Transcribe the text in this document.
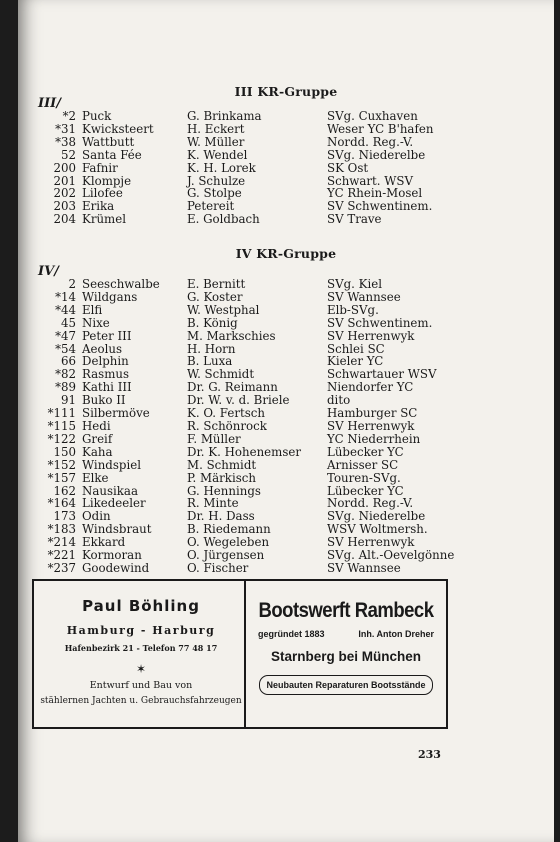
III KR-Gruppe
III/
*2	Puck	G. Brinkama	SVg. Cuxhaven
*31	Kwicksteert	H. Eckert	Weser YC B'hafen
*38	Wattbutt	W. Müller	Nordd. Reg.-V.
52	Santa Fée	K. Wendel	SVg. Niederelbe
200	Fafnir	K. H. Lorek	SK Ost
201	Klompje	J. Schulze	Schwart. WSV
202	Lilofee	G. Stolpe	YC Rhein-Mosel
203	Erika	Petereit	SV Schwentinem.
204	Krümel	E. Goldbach	SV Trave
IV KR-Gruppe
IV/
2	Seeschwalbe	E. Bernitt	SVg. Kiel
*14	Wildgans	G. Koster	SV Wannsee
*44	Elfi	W. Westphal	Elb-SVg.
45	Nixe	B. König	SV Schwentinem.
*47	Peter III	M. Markschies	SV Herrenwyk
*54	Aeolus	H. Horn	Schlei SC
66	Delphin	B. Luxa	Kieler YC
*82	Rasmus	W. Schmidt	Schwartauer WSV
*89	Kathi III	Dr. G. Reimann	Niendorfer YC
91	Buko II	Dr. W. v. d. Briele	dito
*111	Silbermöve	K. O. Fertsch	Hamburger SC
*115	Hedi	R. Schönrock	SV Herrenwyk
*122	Greif	F. Müller	YC Niederrhein
150	Kaha	Dr. K. Hohenemser	Lübecker YC
*152	Windspiel	M. Schmidt	Arnisser SC
*157	Elke	P. Märkisch	Touren-SVg.
162	Nausikaa	G. Hennings	Lübecker YC
*164	Likedeeler	R. Minte	Nordd. Reg.-V.
173	Odin	Dr. H. Dass	SVg. Niederelbe
*183	Windsbraut	B. Riedemann	WSV Woltmersh.
*214	Ekkard	O. Wegeleben	SV Herrenwyk
*221	Kormoran	O. Jürgensen	SVg. Alt.-Oevelgönne
*237	Goodewind	O. Fischer	SV Wannsee
Paul Böhling
Hamburg - Harburg
Hafenbezirk 21 - Telefon 77 48 17
✶
Entwurf und Bau von
stählernen Jachten u. Gebrauchsfahrzeugen
Bootswerft Rambeck
gegründet 1883	Inh. Anton Dreher
Starnberg bei München
Neubauten Reparaturen Bootsstände
233
